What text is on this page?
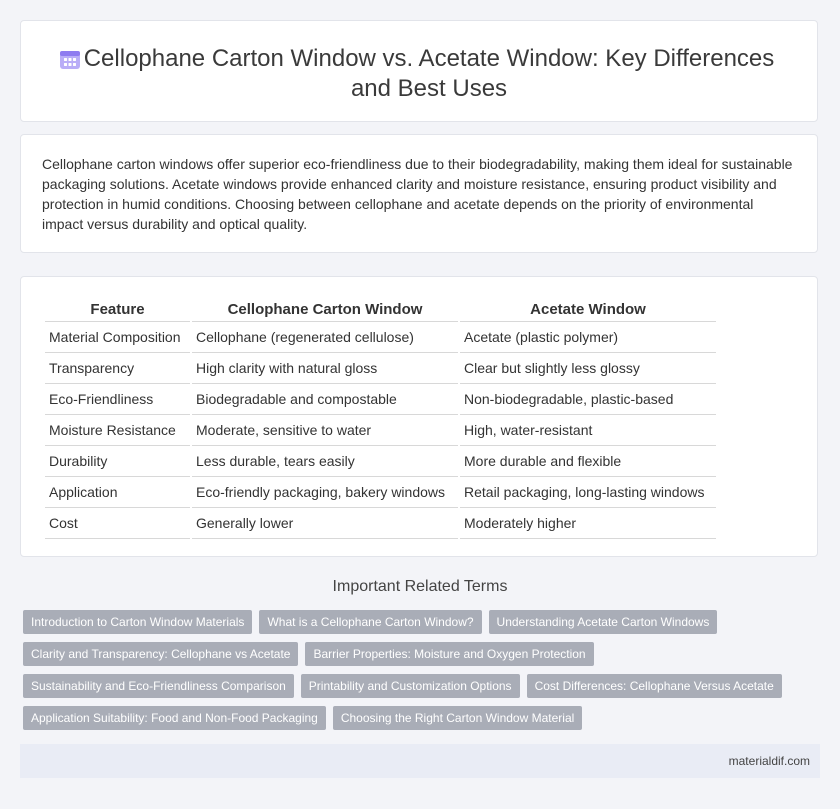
Cellophane Carton Window vs. Acetate Window: Key Differences and Best Uses

Cellophane carton windows offer superior eco-friendliness due to their biodegradability, making them ideal for sustainable packaging solutions. Acetate windows provide enhanced clarity and moisture resistance, ensuring product visibility and protection in humid conditions. Choosing between cellophane and acetate depends on the priority of environmental impact versus durability and optical quality.

Feature	Cellophane Carton Window	Acetate Window
Material Composition	Cellophane (regenerated cellulose)	Acetate (plastic polymer)
Transparency	High clarity with natural gloss	Clear but slightly less glossy
Eco-Friendliness	Biodegradable and compostable	Non-biodegradable, plastic-based
Moisture Resistance	Moderate, sensitive to water	High, water-resistant
Durability	Less durable, tears easily	More durable and flexible
Application	Eco-friendly packaging, bakery windows	Retail packaging, long-lasting windows
Cost	Generally lower	Moderately higher
Important Related Terms
Introduction to Carton Window Materials	What is a Cellophane Carton Window?	Understanding Acetate Carton Windows
Clarity and Transparency: Cellophane vs Acetate	Barrier Properties: Moisture and Oxygen Protection
Sustainability and Eco-Friendliness Comparison	Printability and Customization Options	Cost Differences: Cellophane Versus Acetate
Application Suitability: Food and Non-Food Packaging	Choosing the Right Carton Window Material
materialdif.com
